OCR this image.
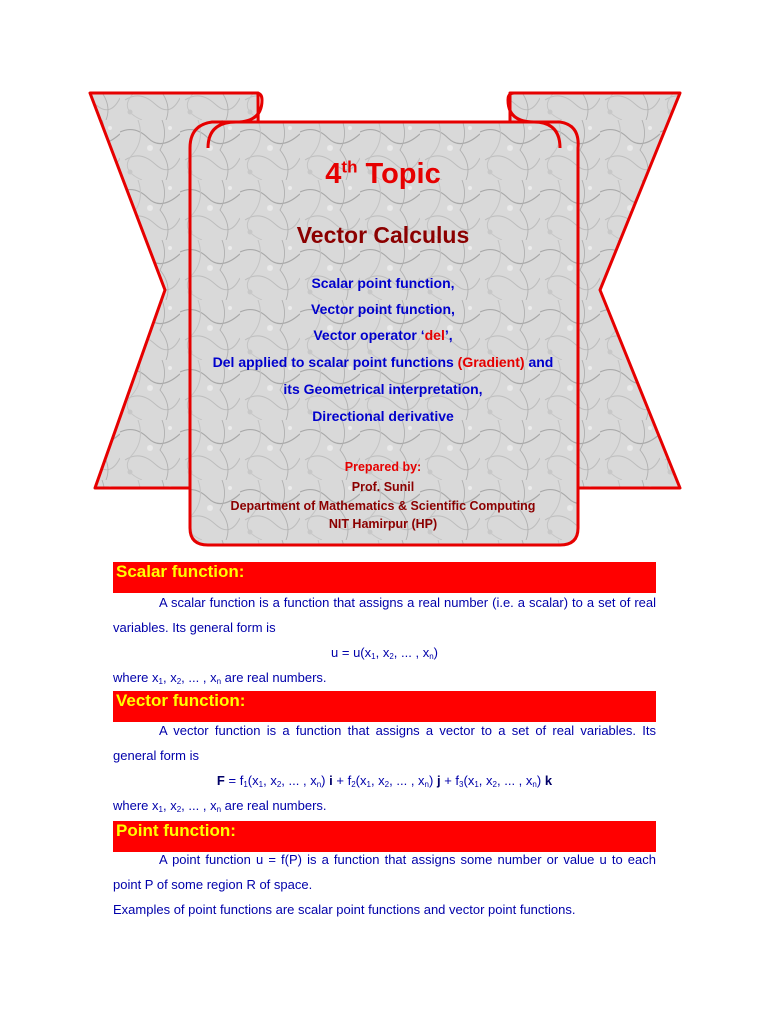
4th Topic
Vector Calculus
Scalar point function,
Vector point function,
Vector operator ‘del’,
Del applied to scalar point functions (Gradient) and
its Geometrical interpretation,
Directional derivative
Prepared by:
Prof. Sunil
Department of Mathematics & Scientific Computing
NIT Hamirpur (HP)
Scalar function:

A scalar function is a function that assigns a real number (i.e. a scalar) to a set of real variables. Its general form is

$u = u(x_1$, $x_2$, ... , $x_n$)

where $x_1$, $x_2$, ... , $x_n$ are real numbers.

Vector function:

A vector function is a function that assigns a vector to a set of real variables. Its general form is

$F = f_1(x_1$, $x_2$, ... , $x_n$) $i + f_2(x_1$, $x_2$, ... , $x_n$) $j + f_3(x_1$, $x_2$, ... , $x_n$) k

where $x_1$, $x_2$, ... , $x_n$ are real numbers.

Point function:

A point function u = f(P) is a function that assigns some number or value u to each point P of some region R of space.

Examples of point functions are scalar point functions and vector point functions.
